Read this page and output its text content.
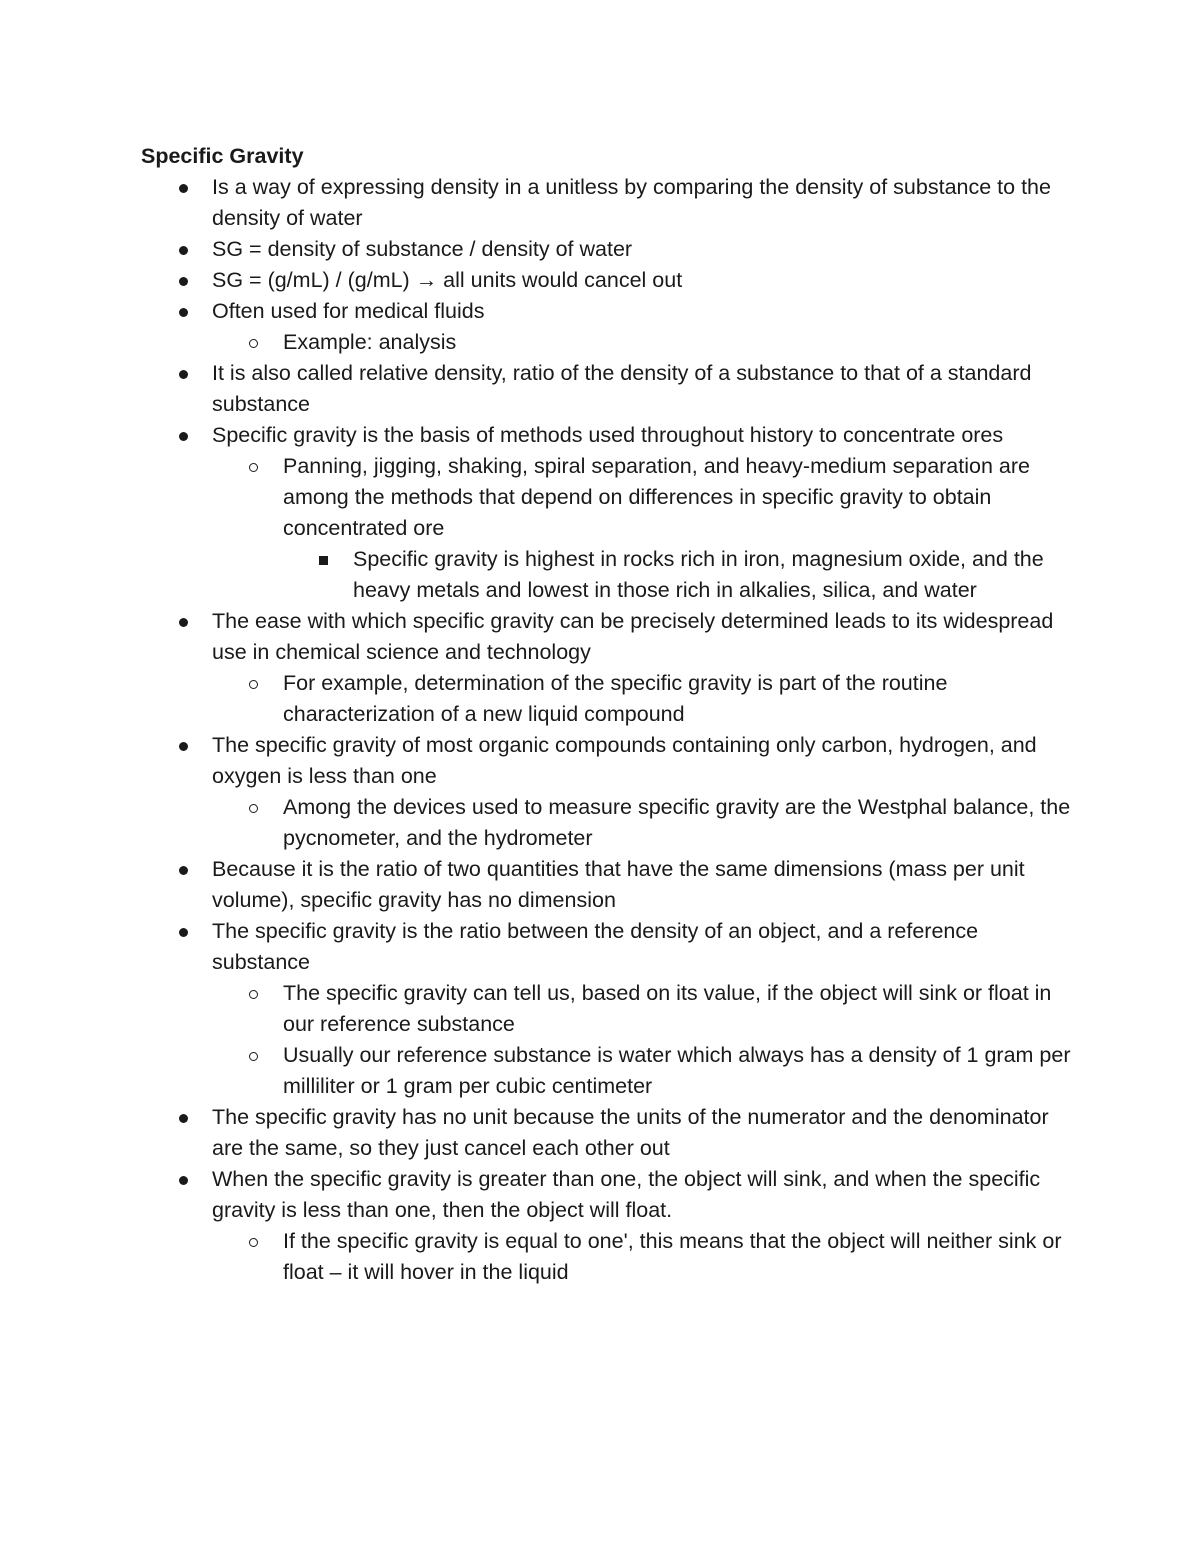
Specific Gravity
Is a way of expressing density in a unitless by comparing the density of substance to the density of water
SG = density of substance / density of water
SG = (g/mL) / (g/mL) → all units would cancel out
Often used for medical fluids
Example: analysis
It is also called relative density, ratio of the density of a substance to that of a standard substance
Specific gravity is the basis of methods used throughout history to concentrate ores
Panning, jigging, shaking, spiral separation, and heavy-medium separation are among the methods that depend on differences in specific gravity to obtain concentrated ore
Specific gravity is highest in rocks rich in iron, magnesium oxide, and the heavy metals and lowest in those rich in alkalies, silica, and water
The ease with which specific gravity can be precisely determined leads to its widespread use in chemical science and technology
For example, determination of the specific gravity is part of the routine characterization of a new liquid compound
The specific gravity of most organic compounds containing only carbon, hydrogen, and oxygen is less than one
Among the devices used to measure specific gravity are the Westphal balance, the pycnometer, and the hydrometer
Because it is the ratio of two quantities that have the same dimensions (mass per unit volume), specific gravity has no dimension
The specific gravity is the ratio between the density of an object, and a reference substance
The specific gravity can tell us, based on its value, if the object will sink or float in our reference substance
Usually our reference substance is water which always has a density of 1 gram per milliliter or 1 gram per cubic centimeter
The specific gravity has no unit because the units of the numerator and the denominator are the same, so they just cancel each other out
When the specific gravity is greater than one, the object will sink, and when the specific gravity is less than one, then the object will float.
If the specific gravity is equal to one', this means that the object will neither sink or float – it will hover in the liquid
